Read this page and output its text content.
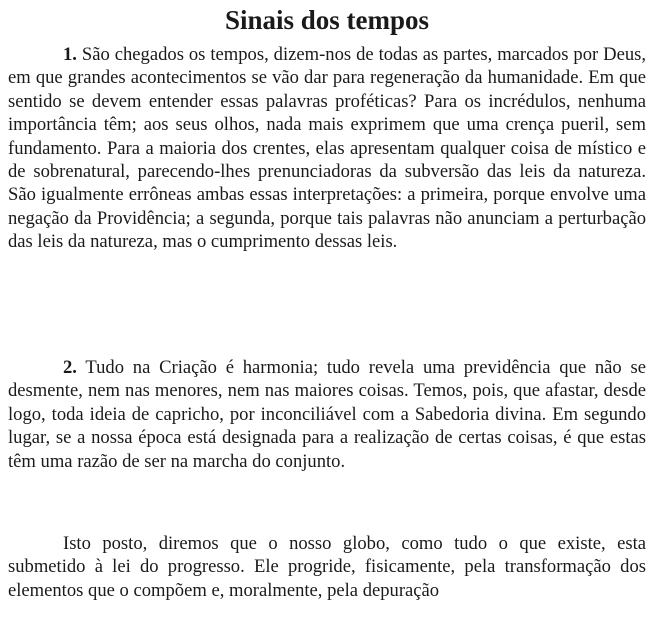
Sinais dos tempos

1. São chegados os tempos, dizem-nos de todas as partes, marcados por Deus, em que grandes acontecimentos se vão dar para regeneração da humanidade. Em que sentido se devem entender essas palavras proféticas? Para os incrédulos, nenhuma importância têm; aos seus olhos, nada mais exprimem que uma crença pueril, sem fundamento. Para a maioria dos crentes, elas apresentam qualquer coisa de místico e de sobrenatural, parecendo-lhes prenunciadoras da subversão das leis da natureza. São igualmente errôneas ambas essas interpretações: a primeira, porque envolve uma negação da Providência; a segunda, porque tais palavras não anunciam a perturbação das leis da natureza, mas o cumprimento dessas leis.

2. Tudo na Criação é harmonia; tudo revela uma previdência que não se desmente, nem nas menores, nem nas maiores coisas. Temos, pois, que afastar, desde logo, toda ideia de capricho, por inconciliável com a Sabedoria divina. Em segundo lugar, se a nossa época está designada para a realização de certas coisas, é que estas têm uma razão de ser na marcha do conjunto.

Isto posto, diremos que o nosso globo, como tudo o que existe, esta submetido à lei do progresso. Ele progride, fisicamente, pela transformação dos elementos que o compõem e, moralmente, pela depuração
